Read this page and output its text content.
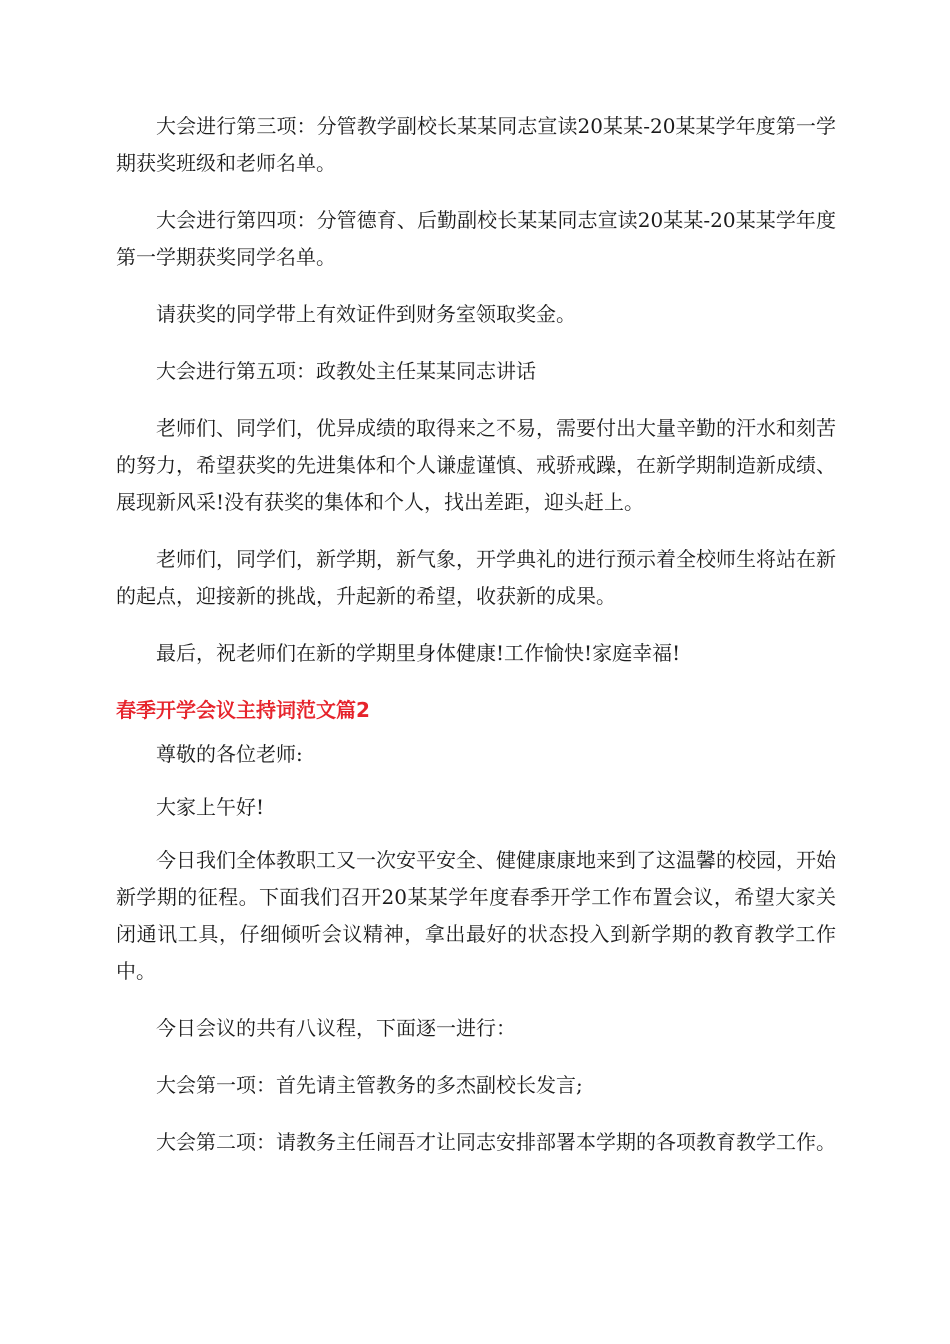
大会进行第三项：分管教学副校长某某同志宣读20某某-20某某学年度第一学期获奖班级和老师名单。

大会进行第四项：分管德育、后勤副校长某某同志宣读20某某-20某某学年度第一学期获奖同学名单。

请获奖的同学带上有效证件到财务室领取奖金。

大会进行第五项：政教处主任某某同志讲话

老师们、同学们，优异成绩的取得来之不易，需要付出大量辛勤的汗水和刻苦的努力，希望获奖的先进集体和个人谦虚谨慎、戒骄戒躁，在新学期制造新成绩、展现新风采!没有获奖的集体和个人，找出差距，迎头赶上。

老师们，同学们，新学期，新气象，开学典礼的进行预示着全校师生将站在新的起点，迎接新的挑战，升起新的希望，收获新的成果。

最后，祝老师们在新的学期里身体健康!工作愉快!家庭幸福!

春季开学会议主持词范文篇2

尊敬的各位老师:

大家上午好!

今日我们全体教职工又一次安平安全、健健康康地来到了这温馨的校园，开始新学期的征程。下面我们召开20某某学年度春季开学工作布置会议，希望大家关闭通讯工具，仔细倾听会议精神，拿出最好的状态投入到新学期的教育教学工作中。

今日会议的共有八议程，下面逐一进行：

大会第一项：首先请主管教务的多杰副校长发言;

大会第二项：请教务主任闹吾才让同志安排部署本学期的各项教育教学工作。
